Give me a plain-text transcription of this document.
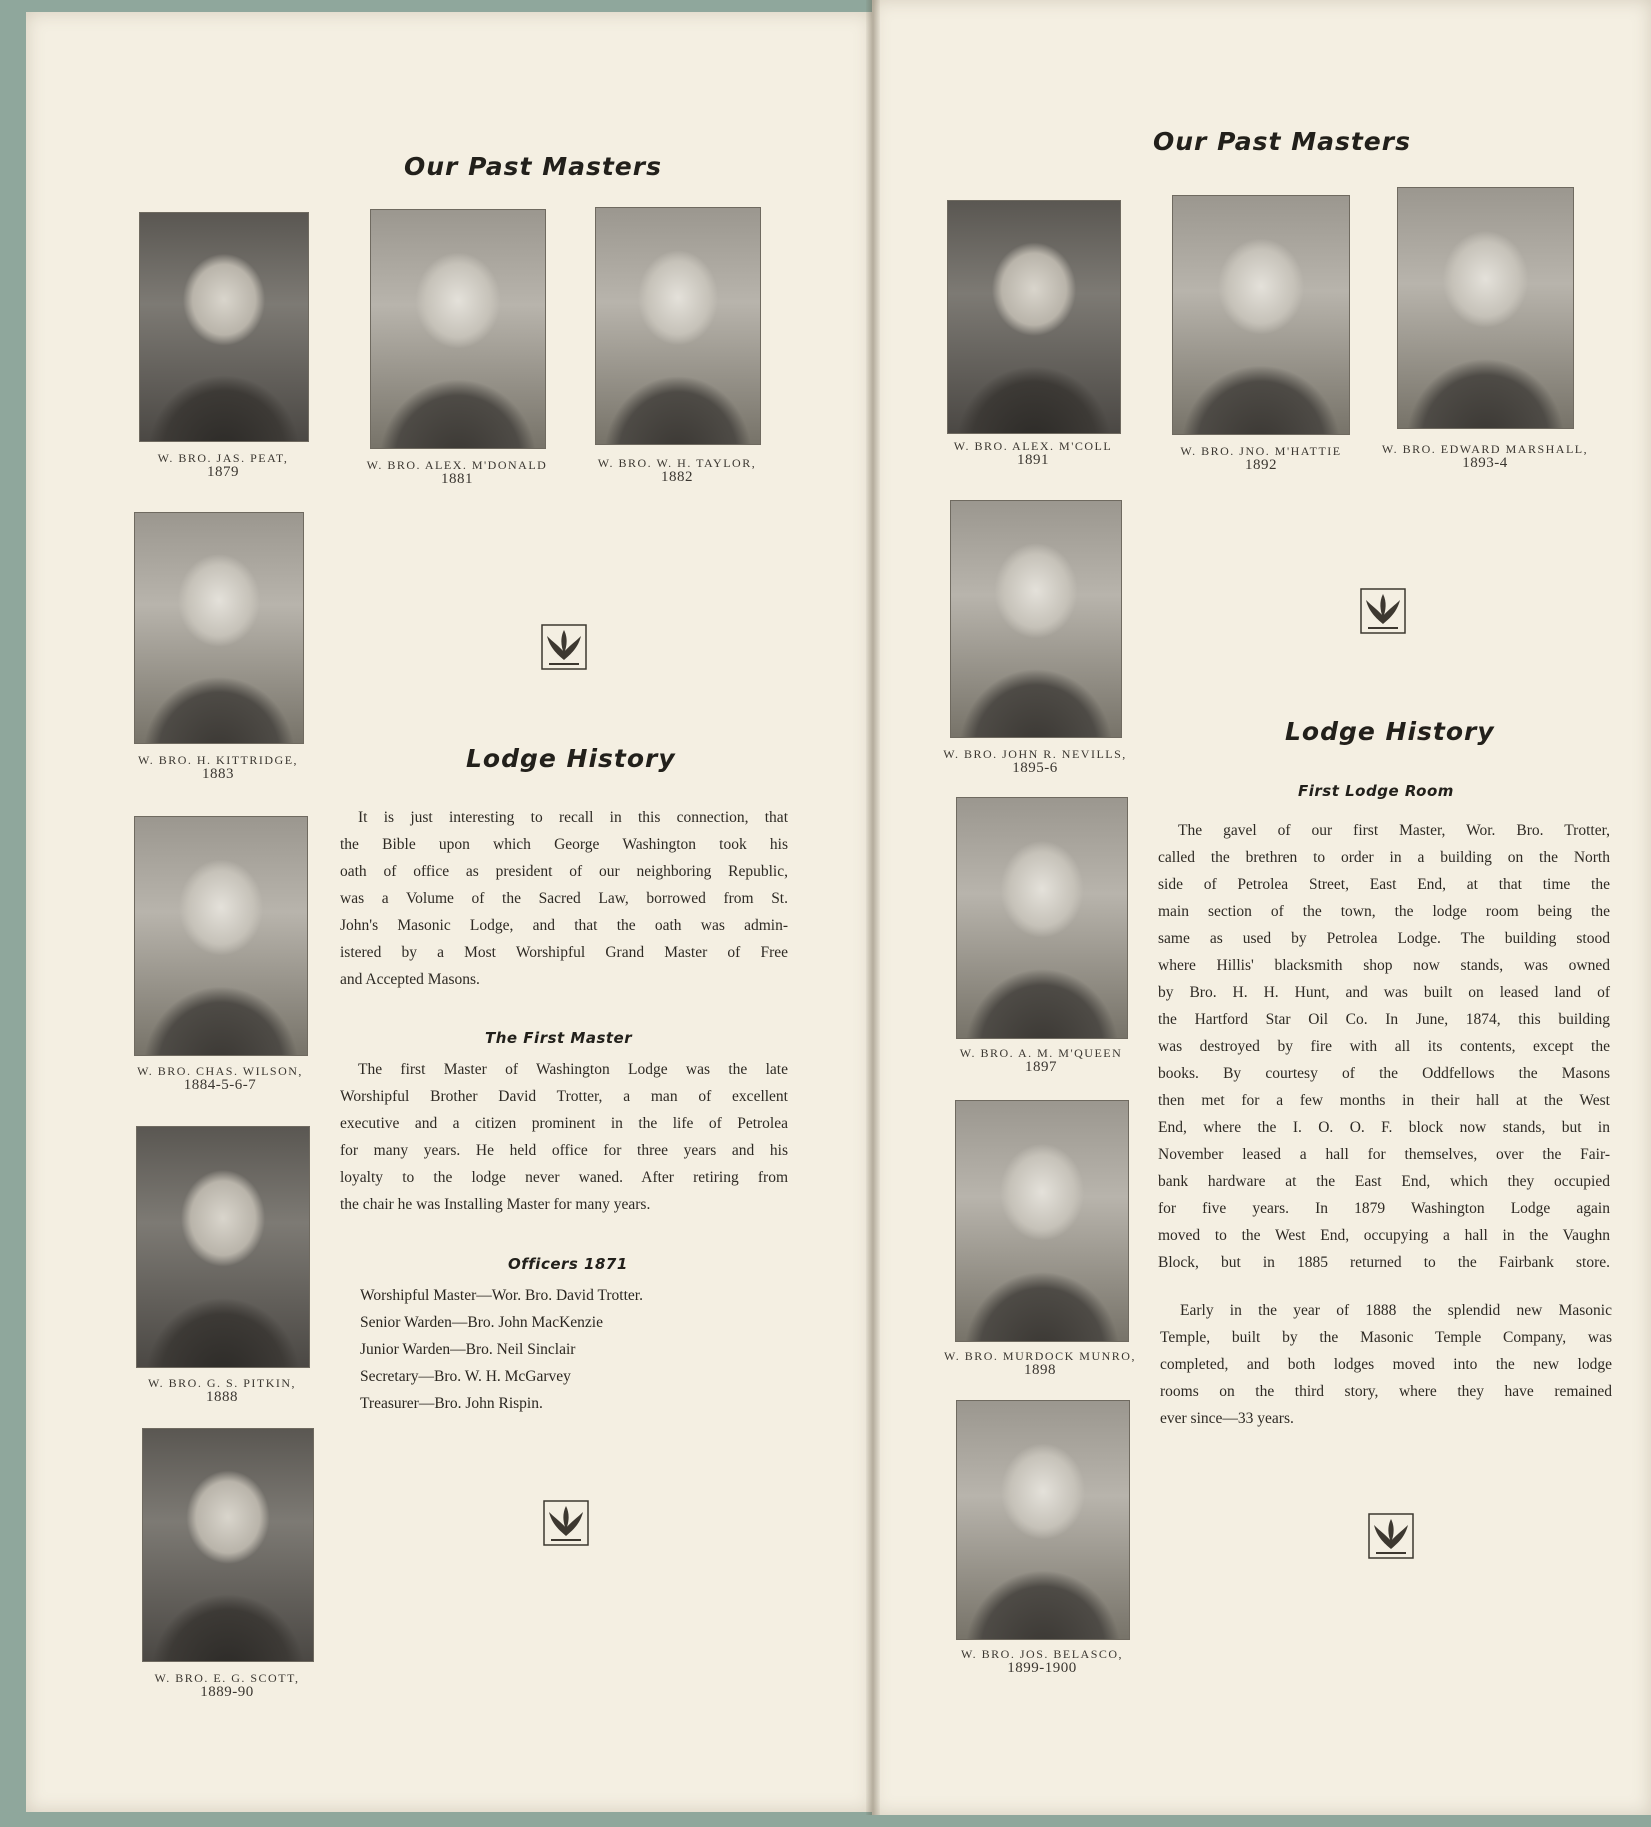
Our Past Masters
W. BRO. JAS. PEAT,
1879	W. BRO. ALEX. M'DONALD
1881
W. BRO. W. H. TAYLOR,
1882
W. BRO. H. KITTRIDGE,
1883
Lodge History
It is just interesting to recall in this connection, that
the Bible upon which George Washington took his
oath of office as president of our neighboring Republic,
was a Volume of the Sacred Law, borrowed from St.
John's Masonic Lodge, and that the oath was admin-
istered by a Most Worshipful Grand Master of Free
and Accepted Masons.
W. BRO. CHAS. WILSON,
1884-5-6-7
The First Master
The first Master of Washington Lodge was the late
Worshipful Brother David Trotter, a man of excellent
executive and a citizen prominent in the life of Petrolea
for many years. He held office for three years and his
loyalty to the lodge never waned. After retiring from
the chair he was Installing Master for many years.
W. BRO. G. S. PITKIN,
1888
Officers 1871
Worshipful Master—Wor. Bro. David Trotter.
Senior Warden—Bro. John MacKenzie
Junior Warden—Bro. Neil Sinclair
Secretary—Bro. W. H. McGarvey
Treasurer—Bro. John Rispin.
W. BRO. E. G. SCOTT,
1889-90
Our Past Masters
W. BRO. ALEX. M'COLL
1891
W. BRO. JNO. M'HATTIE
1892
W. BRO. EDWARD MARSHALL,
1893-4
W. BRO. JOHN R. NEVILLS,
1895-6
Lodge History
First Lodge Room
W. BRO. A. M. M'QUEEN
1897
The gavel of our first Master, Wor. Bro. Trotter,
called the brethren to order in a building on the North
side of Petrolea Street, East End, at that time the
main section of the town, the lodge room being the
same as used by Petrolea Lodge. The building stood
where Hillis' blacksmith shop now stands, was owned
by Bro. H. H. Hunt, and was built on leased land of
the Hartford Star Oil Co. In June, 1874, this building
was destroyed by fire with all its contents, except the
books. By courtesy of the Oddfellows the Masons
then met for a few months in their hall at the West
End, where the I. O. O. F. block now stands, but in
November leased a hall for themselves, over the Fair-
bank hardware at the East End, which they occupied
for five years. In 1879 Washington Lodge again
moved to the West End, occupying a hall in the Vaughn
Block, but in 1885 returned to the Fairbank store.
W. BRO. MURDOCK MUNRO,
1898
Early in the year of 1888 the splendid new Masonic
Temple, built by the Masonic Temple Company, was
completed, and both lodges moved into the new lodge
rooms on the third story, where they have remained
ever since—33 years.
W. BRO. JOS. BELASCO,
1899-1900
